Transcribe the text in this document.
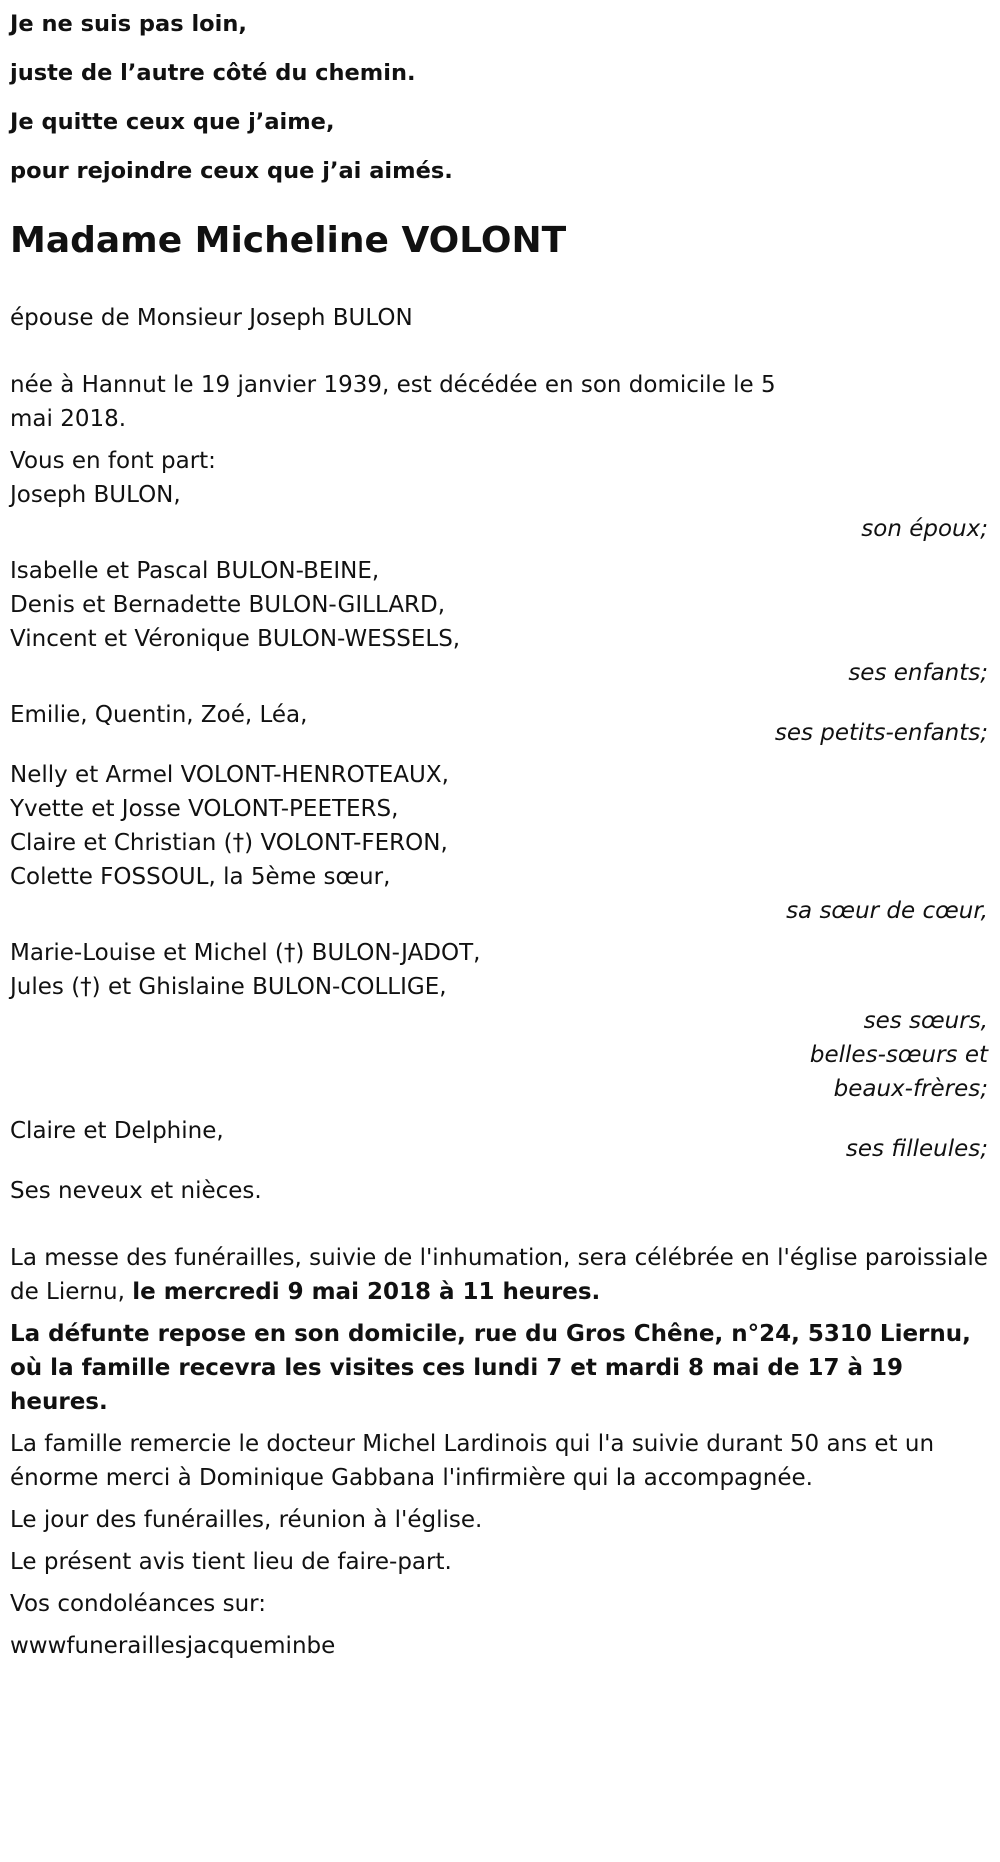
Je ne suis pas loin,
juste de l’autre côté du chemin.
Je quitte ceux que j’aime,
pour rejoindre ceux que j’ai aimés.
Madame Micheline VOLONT
épouse de Monsieur Joseph BULON
née à Hannut le 19 janvier 1939, est décédée en son domicile le 5 mai 2018.
Vous en font part:
Joseph BULON,
son époux;
Isabelle et Pascal BULON-BEINE,
Denis et Bernadette BULON-GILLARD,
Vincent et Véronique BULON-WESSELS,
ses enfants;
Emilie, Quentin, Zoé, Léa,
ses petits-enfants;
Nelly et Armel VOLONT-HENROTEAUX,
Yvette et Josse VOLONT-PEETERS,
Claire et Christian (†) VOLONT-FERON,
Colette FOSSOUL, la 5ème sœur,
sa sœur de cœur,
Marie-Louise et Michel (†) BULON-JADOT,
Jules (†) et Ghislaine BULON-COLLIGE,
ses sœurs,
belles-sœurs et
beaux-frères;
Claire et Delphine,
ses filleules;
Ses neveux et nièces.
La messe des funérailles, suivie de l'inhumation, sera célébrée en l'église paroissiale de Liernu, le mercredi 9 mai 2018 à 11 heures.
La défunte repose en son domicile, rue du Gros Chêne, n°24, 5310 Liernu, où la famille recevra les visites ces lundi 7 et mardi 8 mai de 17 à 19 heures.
La famille remercie le docteur Michel Lardinois qui l'a suivie durant 50 ans et un énorme merci à Dominique Gabbana l'infirmière qui la accompagnée.
Le jour des funérailles, réunion à l'église.
Le présent avis tient lieu de faire-part.
Vos condoléances sur:
wwwfuneraillesjacqueminbe
